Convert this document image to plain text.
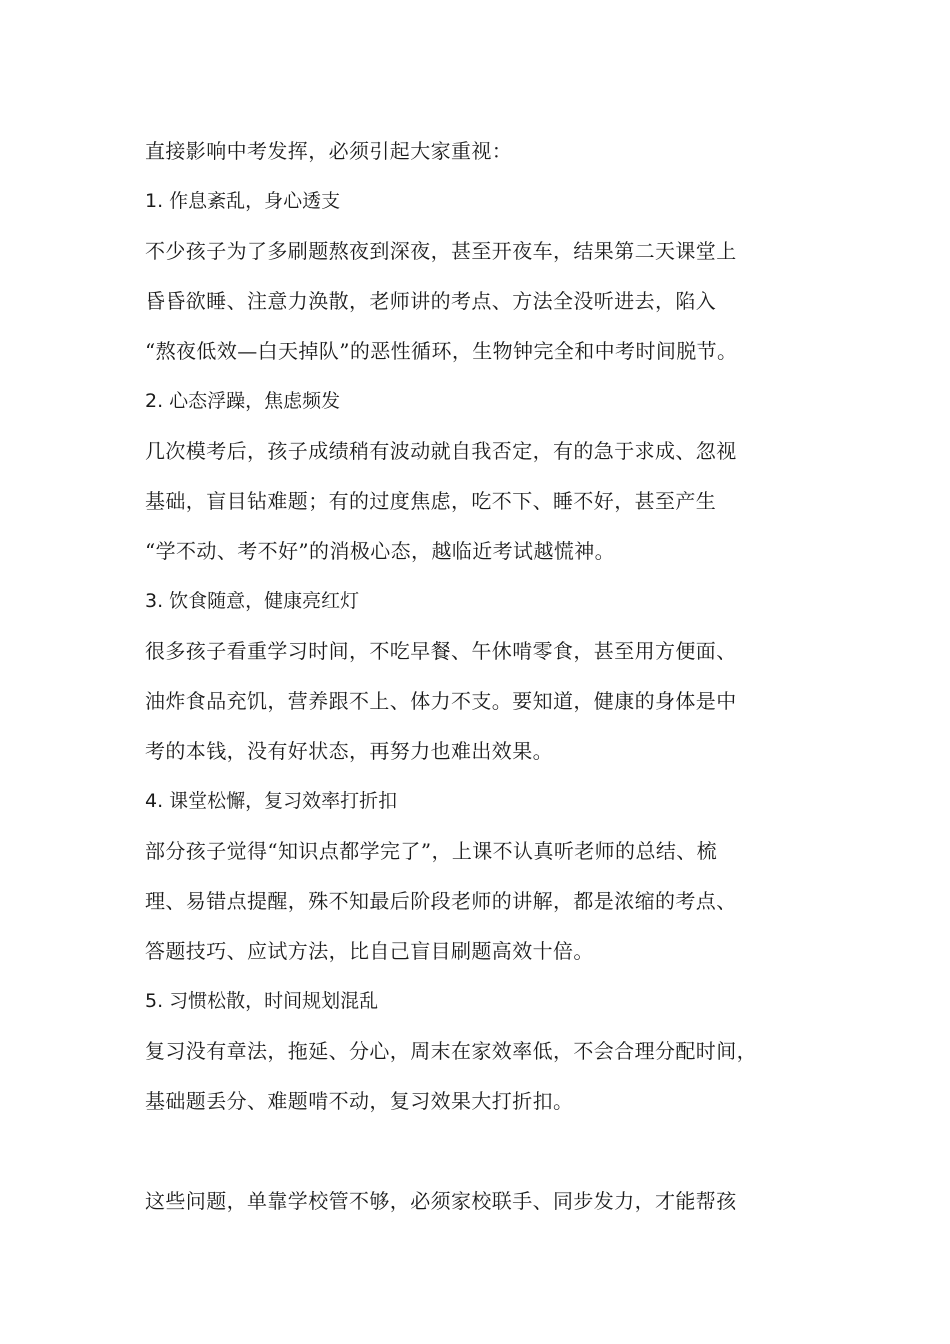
直接影响中考发挥，必须引起大家重视：

1. 作息紊乱，身心透支

不少孩子为了多刷题熬夜到深夜，甚至开夜车，结果第二天课堂上

昏昏欲睡、注意力涣散，老师讲的考点、方法全没听进去，陷入

“熬夜低效—白天掉队”的恶性循环，生物钟完全和中考时间脱节。

2. 心态浮躁，焦虑频发

几次模考后，孩子成绩稍有波动就自我否定，有的急于求成、忽视

基础，盲目钻难题；有的过度焦虑，吃不下、睡不好，甚至产生

“学不动、考不好”的消极心态，越临近考试越慌神。

3. 饮食随意，健康亮红灯

很多孩子看重学习时间，不吃早餐、午休啃零食，甚至用方便面、

油炸食品充饥，营养跟不上、体力不支。要知道，健康的身体是中

考的本钱，没有好状态，再努力也难出效果。

4. 课堂松懈，复习效率打折扣

部分孩子觉得“知识点都学完了”，上课不认真听老师的总结、梳

理、易错点提醒，殊不知最后阶段老师的讲解，都是浓缩的考点、

答题技巧、应试方法，比自己盲目刷题高效十倍。

5. 习惯松散，时间规划混乱

复习没有章法，拖延、分心，周末在家效率低，不会合理分配时间，

基础题丢分、难题啃不动，复习效果大打折扣。

这些问题，单靠学校管不够，必须家校联手、同步发力，才能帮孩
